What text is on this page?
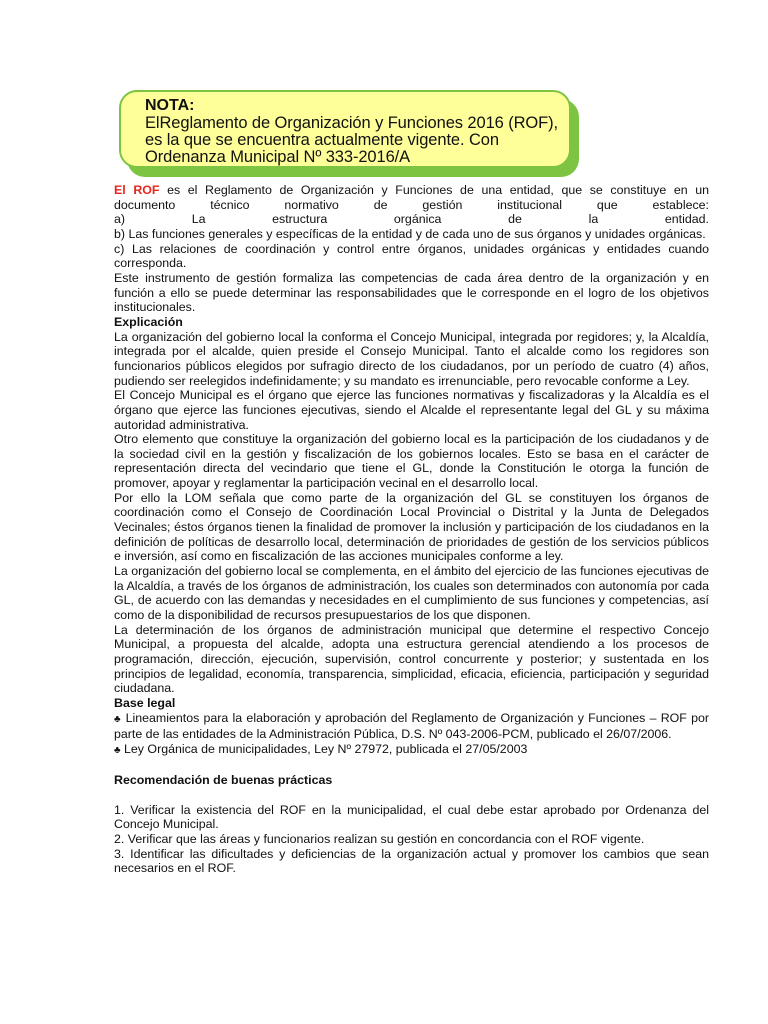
NOTA:
ElReglamento de Organización y Funciones 2016 (ROF),
es la que se encuentra actualmente vigente. Con
Ordenanza Municipal Nº 333-2016/A

El ROF es el Reglamento de Organización y Funciones de una entidad, que se constituye en un

documento técnico normativo de gestión institucional que establece:

a) La estructura orgánica de la entidad.

b) Las funciones generales y específicas de la entidad y de cada uno de sus órganos y unidades orgánicas.

c) Las relaciones de coordinación y control entre órganos, unidades orgánicas y entidades cuando corresponda.

Este instrumento de gestión formaliza las competencias de cada área dentro de la organización y en función a ello se puede determinar las responsabilidades que le corresponde en el logro de los objetivos institucionales.

Explicación

La organización del gobierno local la conforma el Concejo Municipal, integrada por regidores; y, la Alcaldía, integrada por el alcalde, quien preside el Consejo Municipal. Tanto el alcalde como los regidores son funcionarios públicos elegidos por sufragio directo de los ciudadanos, por un período de cuatro (4) años, pudiendo ser reelegidos indefinidamente; y su mandato es irrenunciable, pero revocable conforme a Ley.

El Concejo Municipal es el órgano que ejerce las funciones normativas y fiscalizadoras y la Alcaldía es el órgano que ejerce las funciones ejecutivas, siendo el Alcalde el representante legal del GL y su máxima autoridad administrativa.

Otro elemento que constituye la organización del gobierno local es la participación de los ciudadanos y de la sociedad civil en la gestión y fiscalización de los gobiernos locales. Esto se basa en el carácter de representación directa del vecindario que tiene el GL, donde la Constitución le otorga la función de promover, apoyar y reglamentar la participación vecinal en el desarrollo local.

Por ello la LOM señala que como parte de la organización del GL se constituyen los órganos de coordinación como el Consejo de Coordinación Local Provincial o Distrital y la Junta de Delegados Vecinales; éstos órganos tienen la finalidad de promover la inclusión y participación de los ciudadanos en la definición de políticas de desarrollo local, determinación de prioridades de gestión de los servicios públicos e inversión, así como en fiscalización de las acciones municipales conforme a ley.

La organización del gobierno local se complementa, en el ámbito del ejercicio de las funciones ejecutivas de la Alcaldía, a través de los órganos de administración, los cuales son determinados con autonomía por cada GL, de acuerdo con las demandas y necesidades en el cumplimiento de sus funciones y competencias, así como de la disponibilidad de recursos presupuestarios de los que disponen.

La determinación de los órganos de administración municipal que determine el respectivo Concejo Municipal, a propuesta del alcalde, adopta una estructura gerencial atendiendo a los procesos de programación, dirección, ejecución, supervisión, control concurrente y posterior; y sustentada en los principios de legalidad, economía, transparencia, simplicidad, eficacia, eficiencia, participación y seguridad ciudadana.

Base legal

♣ Lineamientos para la elaboración y aprobación del Reglamento de Organización y Funciones – ROF por parte de las entidades de la Administración Pública, D.S. Nº 043-2006-PCM, publicado el 26/07/2006.

♣ Ley Orgánica de municipalidades, Ley Nº 27972, publicada el 27/05/2003

Recomendación de buenas prácticas

1. Verificar la existencia del ROF en la municipalidad, el cual debe estar aprobado por Ordenanza del Concejo Municipal.

2. Verificar que las áreas y funcionarios realizan su gestión en concordancia con el ROF vigente.

3. Identificar las dificultades y deficiencias de la organización actual y promover los cambios que sean necesarios en el ROF.
